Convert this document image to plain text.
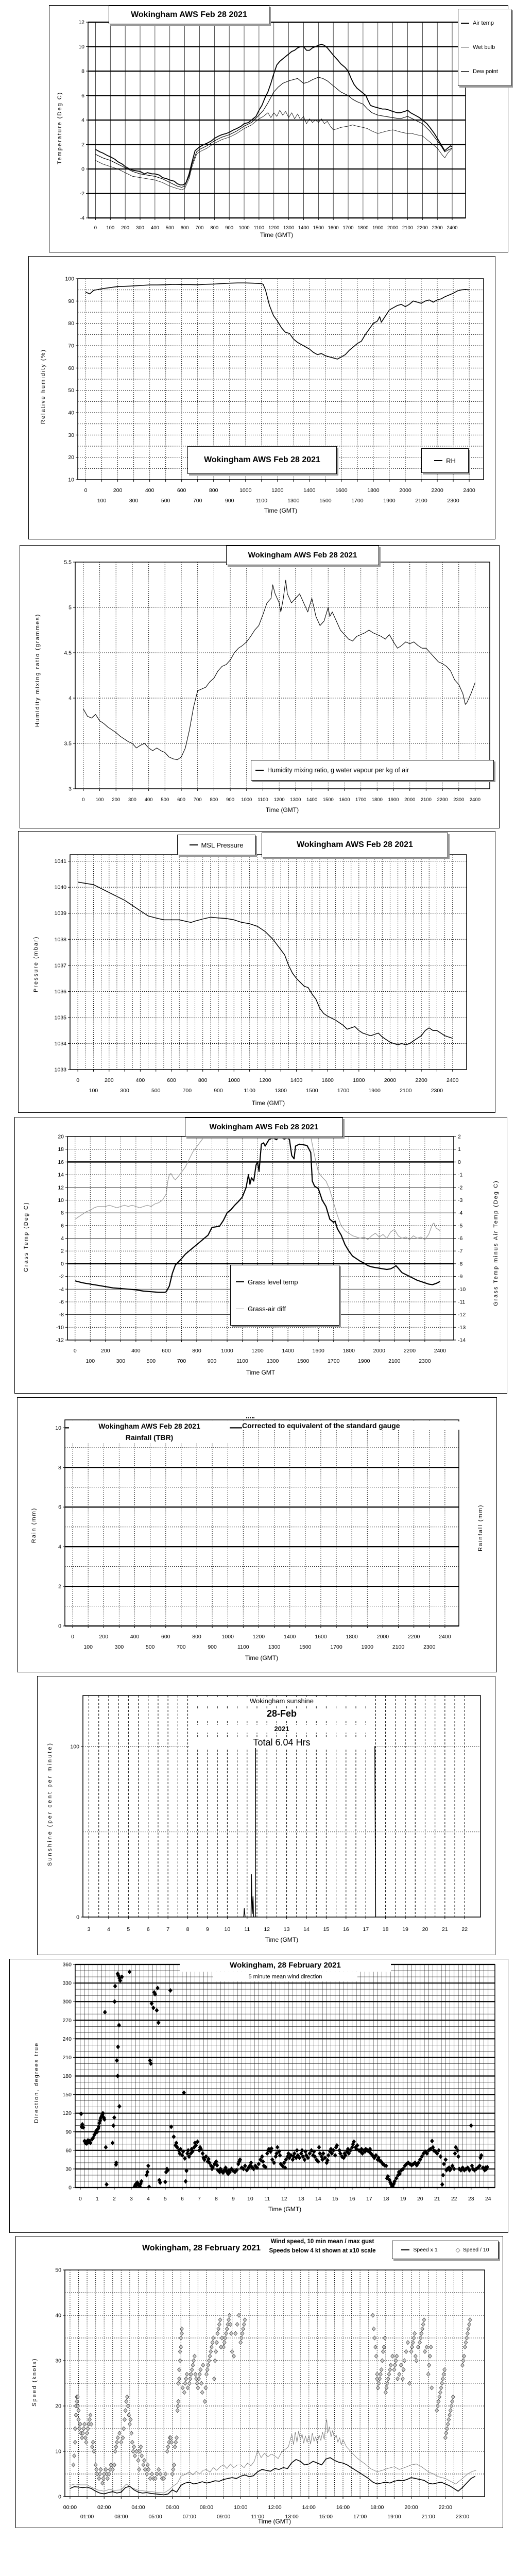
0 100 200 300 400 500 600 700 800 900 1000 1100 1200 1300 1400 1500 1600 1700 1800 1900 2000 2100 2200 2300 2400
-4
-2
0
2
4
6
8
10
12
Wokingham AWS Feb 28 2021
Air temp
Wet bulb
Dew point
Temperature (Deg C)
Time (GMT)
0
100
200
300
400
500
600
700
800
900
1000
1100
1200
1300
1400
1500
1600
1700
1800
1900
2000
2100
2200
2300
2400
10
20
30
40
50
60
70
80
90
100
Wokingham AWS Feb 28 2021	RH
Relative humidity (%)
Time (GMT)
0 100 200 300 400 500 600 700 800 900 1000 1100 1200 1300 1400 1500 1600 1700 1800 1900 2000 2100 2200 2300 2400
3
3.5
4
4.5
5
5.5
Wokingham AWS Feb 28 2021
Humidity mixing ratio, g water vapour per kg of air
Humidity mixing ratio (grammes)
Time (GMT)
0
100
200
300
400
500
600
700
800
900
1000
1100
1200
1300
1400
1500
1600
1700
1800
1900
2000
2100
2200
2300
2400
1033
1034
1035
1036
1037
1038
1039
1040
1041
MSL Pressure	Wokingham AWS Feb 28 2021
Pressure (mbar)
Time (GMT)
0
100
200
300
400
500
600
700
800
900
1000
1100
1200
1300
1400
1500
1600
1700
1800
1900
2000
2100
2200
2300
2400
-12
-10
-8
-6
-4
-2
0
2
4
6
8
10
12
14
16
18
20
-14
-13
-12
-11
-10
-9
-8
-7
-6
-5
-4
-3
-2
-1
0
1
2
Wokingham AWS Feb 28 2021
Grass level temp
Grass-air diff
Grass Temp (Deg C)	Grass Temp minus Air Temp (Deg C)
Time GMT
0
100
200
300
400
500
600
700
800
900
1000
1100
1200
1300
1400
1500
1600
1700
1800
1900
2000
2100
2200
2300
2400
0
2
4
6
8
10	Wokingham AWS Feb 28 2021
Rainfall (TBR)
Corrected to equivalent of the standard gauge
Rain (mm)	Rainfall (mm)
Time (GMT)
3	4	5	6	7	8	9	10	11	12	13	14	15	16	17	18	19	20	21	22
0
100
Wokingham sunshine
28-Feb
2021
Total 6.04 Hrs
Sunshine (per cent per minute)
Time (GMT)
0	1	2	3	4	5	6	7	8	9 10 11 12 13 14 15 16 17 18 19 20 21 22 23 24
0
30
60
90
120
150
180
210
240
270
300
330
360	Wokingham, 28 February 2021
5 minute mean wind direction
Direction, degrees true
Time (GMT)
00:00
01:00
02:00
03:00
04:00
05:00
06:00
07:00
08:00
09:00
10:00
11:00
12:00
13:00
14:00
15:00
16:00
17:00
18:00
19:00
20:00
21:00
22:00
23:00
0
10
20
30
40
50
Wokingham, 28 February 2021
Wind speed, 10 min mean / max gust
Speeds below 4 kt shown at x10 scale	Speed x 1	◇ Speed / 10
Speed (knots)
Time (GMT)
